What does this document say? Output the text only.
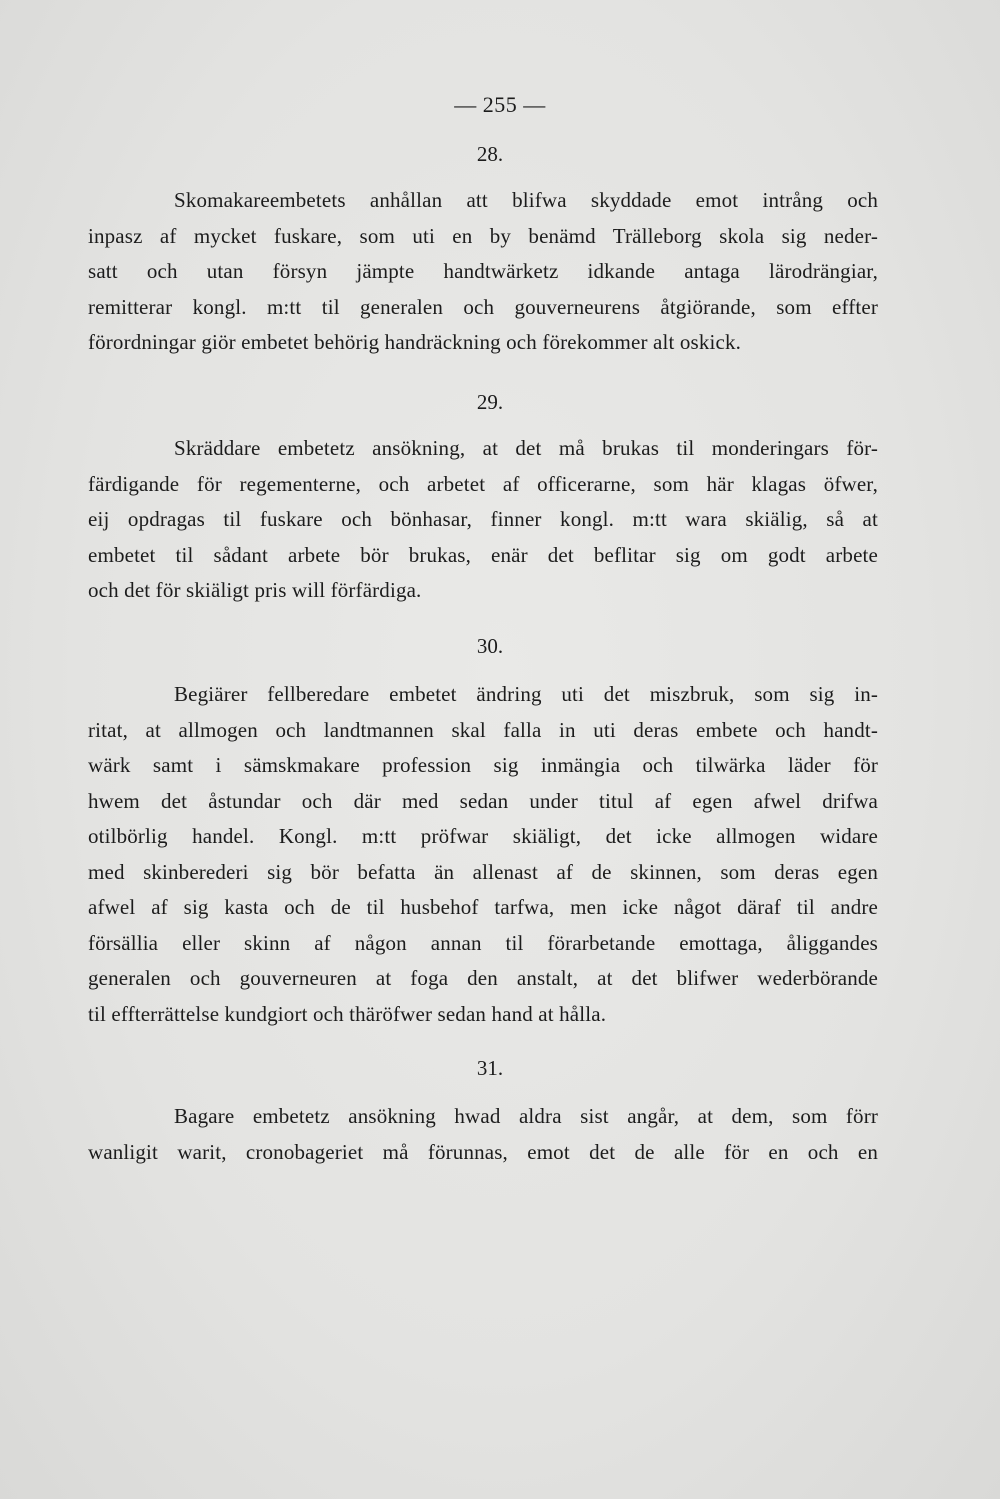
— 255 —

28.

Skomakareembetets anhållan att blifwa skyddade emot intrång och
inpasz af mycket fuskare, som uti en by benämd Trälleborg skola sig neder-
satt och utan försyn jämpte handtwärketz idkande antaga lärodrängiar,
remitterar kongl. m:tt til generalen och gouverneurens åtgiörande, som effter
förordningar giör embetet behörig handräckning och förekommer alt oskick.

29.

Skräddare embetetz ansökning, at det må brukas til monderingars för-
färdigande för regementerne, och arbetet af officerarne, som här klagas öfwer,
eij opdragas til fuskare och bönhasar, finner kongl. m:tt wara skiälig, så at
embetet til sådant arbete bör brukas, enär det beflitar sig om godt arbete
och det för skiäligt pris will förfärdiga.

30.

Begiärer fellberedare embetet ändring uti det miszbruk, som sig in-
ritat, at allmogen och landtmannen skal falla in uti deras embete och handt-
wärk samt i sämskmakare profession sig inmängia och tilwärka läder för
hwem det åstundar och där med sedan under titul af egen afwel drifwa
otilbörlig handel. Kongl. m:tt pröfwar skiäligt, det icke allmogen widare
med skinberederi sig bör befatta än allenast af de skinnen, som deras egen
afwel af sig kasta och de til husbehof tarfwa, men icke något däraf til andre
försällia eller skinn af någon annan til förarbetande emottaga, åliggandes
generalen och gouverneuren at foga den anstalt, at det blifwer wederbörande
til effterrättelse kundgiort och thäröfwer sedan hand at hålla.

31.

Bagare embetetz ansökning hwad aldra sist angår, at dem, som förr
wanligit warit, cronobageriet må förunnas, emot det de alle för en och en
